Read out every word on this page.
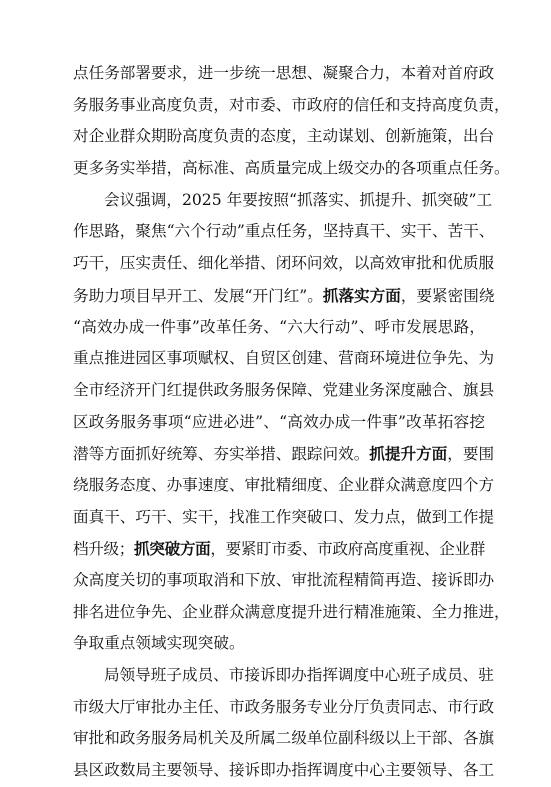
点任务部署要求，进一步统一思想、凝聚合力，本着对首府政
务服务事业高度负责，对市委、市政府的信任和支持高度负责，
对企业群众期盼高度负责的态度，主动谋划、创新施策，出台
更多务实举措，高标准、高质量完成上级交办的各项重点任务。
会议强调，2025 年要按照“抓落实、抓提升、抓突破”工
作思路，聚焦“六个行动”重点任务，坚持真干、实干、苦干、
巧干，压实责任、细化举措、闭环问效，以高效审批和优质服
务助力项目早开工、发展“开门红”。抓落实方面，要紧密围绕
“高效办成一件事”改革任务、“六大行动”、呼市发展思路，
重点推进园区事项赋权、自贸区创建、营商环境进位争先、为
全市经济开门红提供政务服务保障、党建业务深度融合、旗县
区政务服务事项“应进必进”、“高效办成一件事”改革拓容挖
潜等方面抓好统筹、夯实举措、跟踪问效。抓提升方面，要围
绕服务态度、办事速度、审批精细度、企业群众满意度四个方
面真干、巧干、实干，找准工作突破口、发力点，做到工作提
档升级；抓突破方面，要紧盯市委、市政府高度重视、企业群
众高度关切的事项取消和下放、审批流程精简再造、接诉即办
排名进位争先、企业群众满意度提升进行精准施策、全力推进，
争取重点领域实现突破。
局领导班子成员、市接诉即办指挥调度中心班子成员、驻
市级大厅审批办主任、市政务服务专业分厅负责同志、市行政
审批和政务服务局机关及所属二级单位副科级以上干部、各旗
县区政数局主要领导、接诉即办指挥调度中心主要领导、各工
